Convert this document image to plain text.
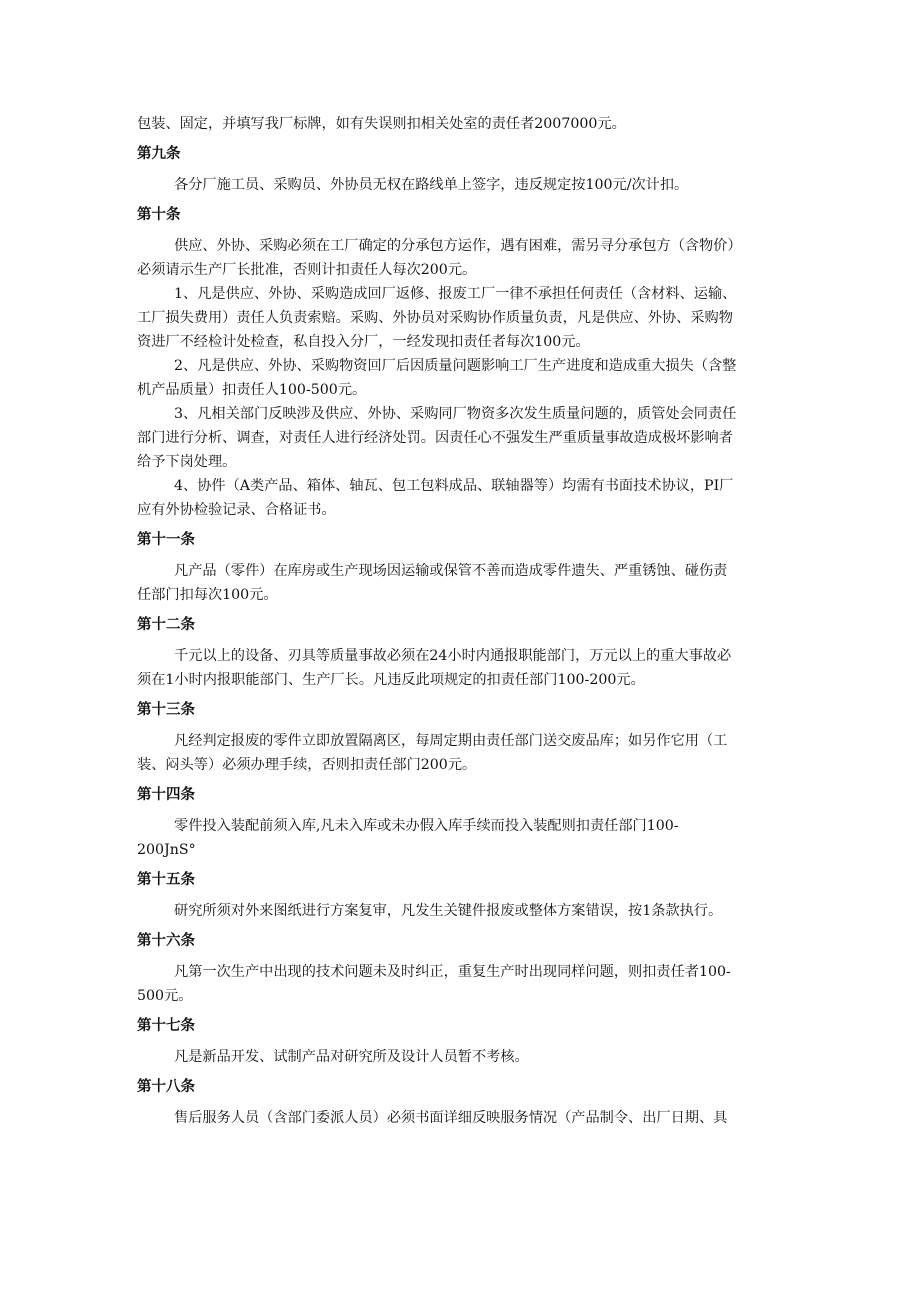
包装、固定，并填写我厂标牌，如有失误则扣相关处室的责任者2007000元。

第九条

各分厂施工员、采购员、外协员无权在路线单上签字，违反规定按100元/次计扣。

第十条

供应、外协、采购必须在工厂确定的分承包方运作，遇有困难，需另寻分承包方（含物价）
必须请示生产厂长批准，否则计扣责任人每次200元。

1、凡是供应、外协、采购造成回厂返修、报废工厂一律不承担任何责任（含材料、运输、
工厂损失费用）责任人负责索赔。采购、外协员对采购协作质量负责，凡是供应、外协、采购物
资进厂不经检计处检查，私自投入分厂，一经发现扣责任者每次100元。

2、凡是供应、外协、采购物资回厂后因质量问题影响工厂生产进度和造成重大损失（含整
机产品质量）扣责任人100-500元。

3、凡相关部门反映涉及供应、外协、采购同厂物资多次发生质量问题的，质管处会同责任
部门进行分析、调查，对责任人进行经济处罚。因责任心不强发生严重质量事故造成极坏影响者
给予下岗处理。

4、协件（A类产品、箱体、轴瓦、包工包料成品、联轴器等）均需有书面技术协议，PI厂
应有外协检验记录、合格证书。

第十一条

凡产品（零件）在库房或生产现场因运输或保管不善而造成零件遗失、严重锈蚀、碰伤责
任部门扣每次100元。

第十二条

千元以上的设备、刃具等质量事故必须在24小时内通报职能部门，万元以上的重大事故必
须在1小时内报职能部门、生产厂长。凡违反此项规定的扣责任部门100-200元。

第十三条

凡经判定报废的零件立即放置隔离区，每周定期由责任部门送交废品库；如另作它用（工
装、闷头等）必须办理手续，否则扣责任部门200元。

第十四条

零件投入装配前须入库,凡未入库或未办假入库手续而投入装配则扣责任部门100-
200JnS°

第十五条

研究所须对外来图纸进行方案复审，凡发生关键件报废或整体方案错误，按1条款执行。

第十六条

凡第一次生产中出现的技术问题未及时纠正，重复生产时出现同样问题，则扣责任者100-
500元。

第十七条

凡是新品开发、试制产品对研究所及设计人员暂不考核。

第十八条

售后服务人员（含部门委派人员）必须书面详细反映服务情况（产品制令、出厂日期、具
